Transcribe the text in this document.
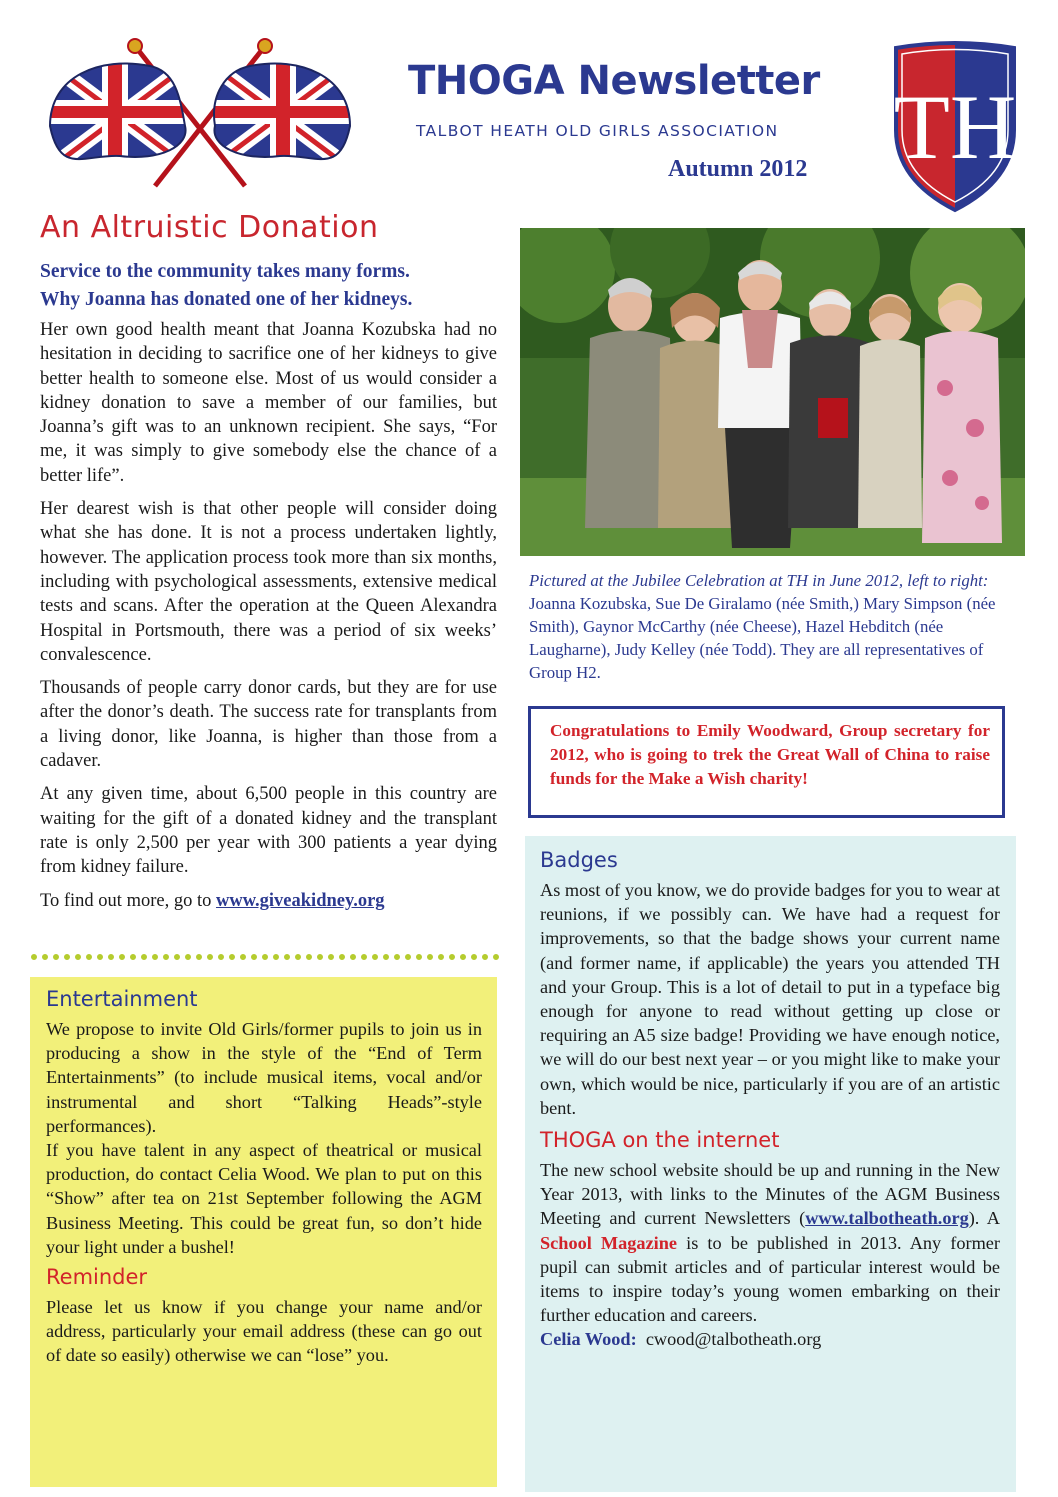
THOGA Newsletter
TALBOT HEATH OLD GIRLS ASSOCIATION
Autumn 2012 TH
An Altruistic Donation
Service to the community takes many forms.
Why Joanna has donated one of her kidneys.

Her own good health meant that Joanna Kozubska had no hesitation in deciding to sacrifice one of her kidneys to give better health to someone else. Most of us would consider a kidney donation to save a member of our families, but Joanna’s gift was to an unknown recipient. She says, “For me, it was simply to give somebody else the chance of a better life”.

Her dearest wish is that other people will consider doing what she has done. It is not a process undertaken lightly, however. The application process took more than six months, including with psychological assessments, extensive medical tests and scans. After the operation at the Queen Alexandra Hospital in Portsmouth, there was a period of six weeks’ convalescence.

Thousands of people carry donor cards, but they are for use after the donor’s death. The success rate for transplants from a living donor, like Joanna, is higher than those from a cadaver.

At any given time, about 6,500 people in this country are waiting for the gift of a donated kidney and the transplant rate is only 2,500 per year with 300 patients a year dying from kidney failure.

To find out more, go to www.giveakidney.org

Entertainment

We propose to invite Old Girls/former pupils to join us in producing a show in the style of the “End of Term Entertainments” (to include musical items, vocal and/or instrumental and short “Talking Heads”-style performances).

If you have talent in any aspect of theatrical or musical production, do contact Celia Wood. We plan to put on this “Show” after tea on 21st September following the AGM Business Meeting. This could be great fun, so don’t hide your light under a bushel!

Reminder

Please let us know if you change your name and/or address, particularly your email address (these can go out of date so easily) otherwise we can “lose” you.

Pictured at the Jubilee Celebration at TH in June 2012, left to right: Joanna Kozubska, Sue De Giralamo (née Smith,) Mary Simpson (née Smith), Gaynor McCarthy (née Cheese), Hazel Hebditch (née Laugharne), Judy Kelley (née Todd). They are all representatives of Group H2.
Congratulations to Emily Woodward, Group secretary for 2012, who is going to trek the Great Wall of China to raise funds for the Make a Wish charity!
Badges

As most of you know, we do provide badges for you to wear at reunions, if we possibly can. We have had a request for improvements, so that the badge shows your current name (and former name, if applicable) the years you attended TH and your Group. This is a lot of detail to put in a typeface big enough for anyone to read without getting up close or requiring an A5 size badge! Providing we have enough notice, we will do our best next year – or you might like to make your own, which would be nice, particularly if you are of an artistic bent.

THOGA on the internet

The new school website should be up and running in the New Year 2013, with links to the Minutes of the AGM Business Meeting and current Newsletters (www.talbotheath.org). A School Magazine is to be published in 2013. Any former pupil can submit articles and of particular interest would be items to inspire today’s young women embarking on their further education and careers.

Celia Wood: cwood@talbotheath.org
